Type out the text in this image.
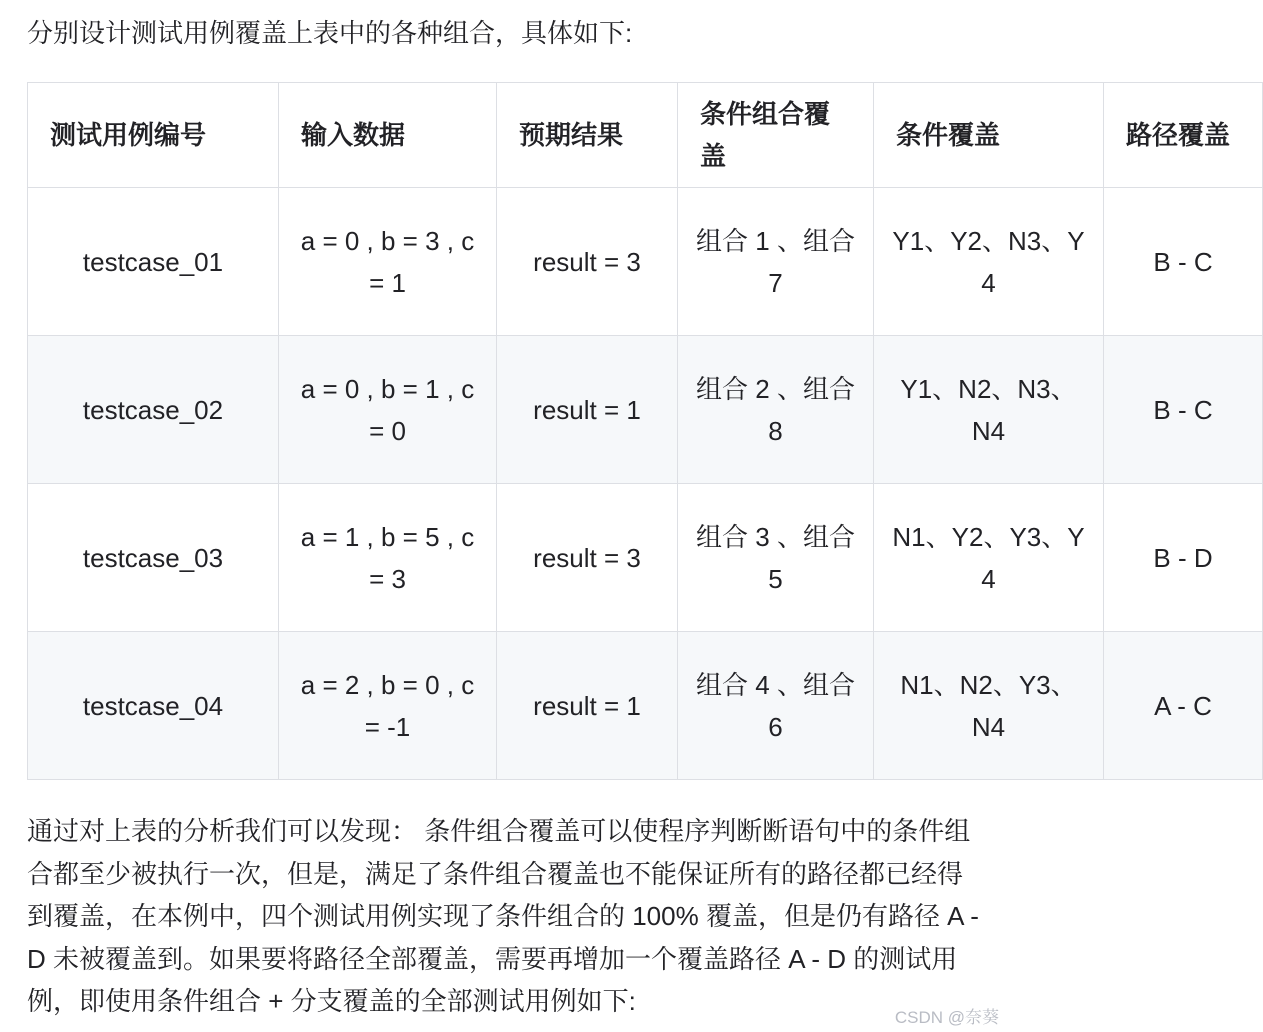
分别设计测试用例覆盖上表中的各种组合，具体如下:

测试用例编号	输入数据	预期结果	条件组合覆盖	条件覆盖	路径覆盖
testcase_01	a = 0 , b = 3 , c = 1	result = 3	组合 1 、组合 7	Y1、Y2、N3、Y4	B - C
testcase_02	a = 0 , b = 1 , c = 0	result = 1	组合 2 、组合 8	Y1、N2、N3、N4	B - C
testcase_03	a = 1 , b = 5 , c = 3	result = 3	组合 3 、组合 5	N1、Y2、Y3、Y4	B - D
testcase_04	a = 2 , b = 0 , c = -1	result = 1	组合 4 、组合 6	N1、N2、Y3、N4	A - C

通过对上表的分析我们可以发现： 条件组合覆盖可以使程序判断断语句中的条件组合都至少被执行一次，但是，满足了条件组合覆盖也不能保证所有的路径都已经得到覆盖，在本例中，四个测试用例实现了条件组合的 100% 覆盖，但是仍有路径 A - D 未被覆盖到。如果要将路径全部覆盖，需要再增加一个覆盖路径 A - D 的测试用例，即使用条件组合 + 分支覆盖的全部测试用例如下:

CSDN @奈葵
